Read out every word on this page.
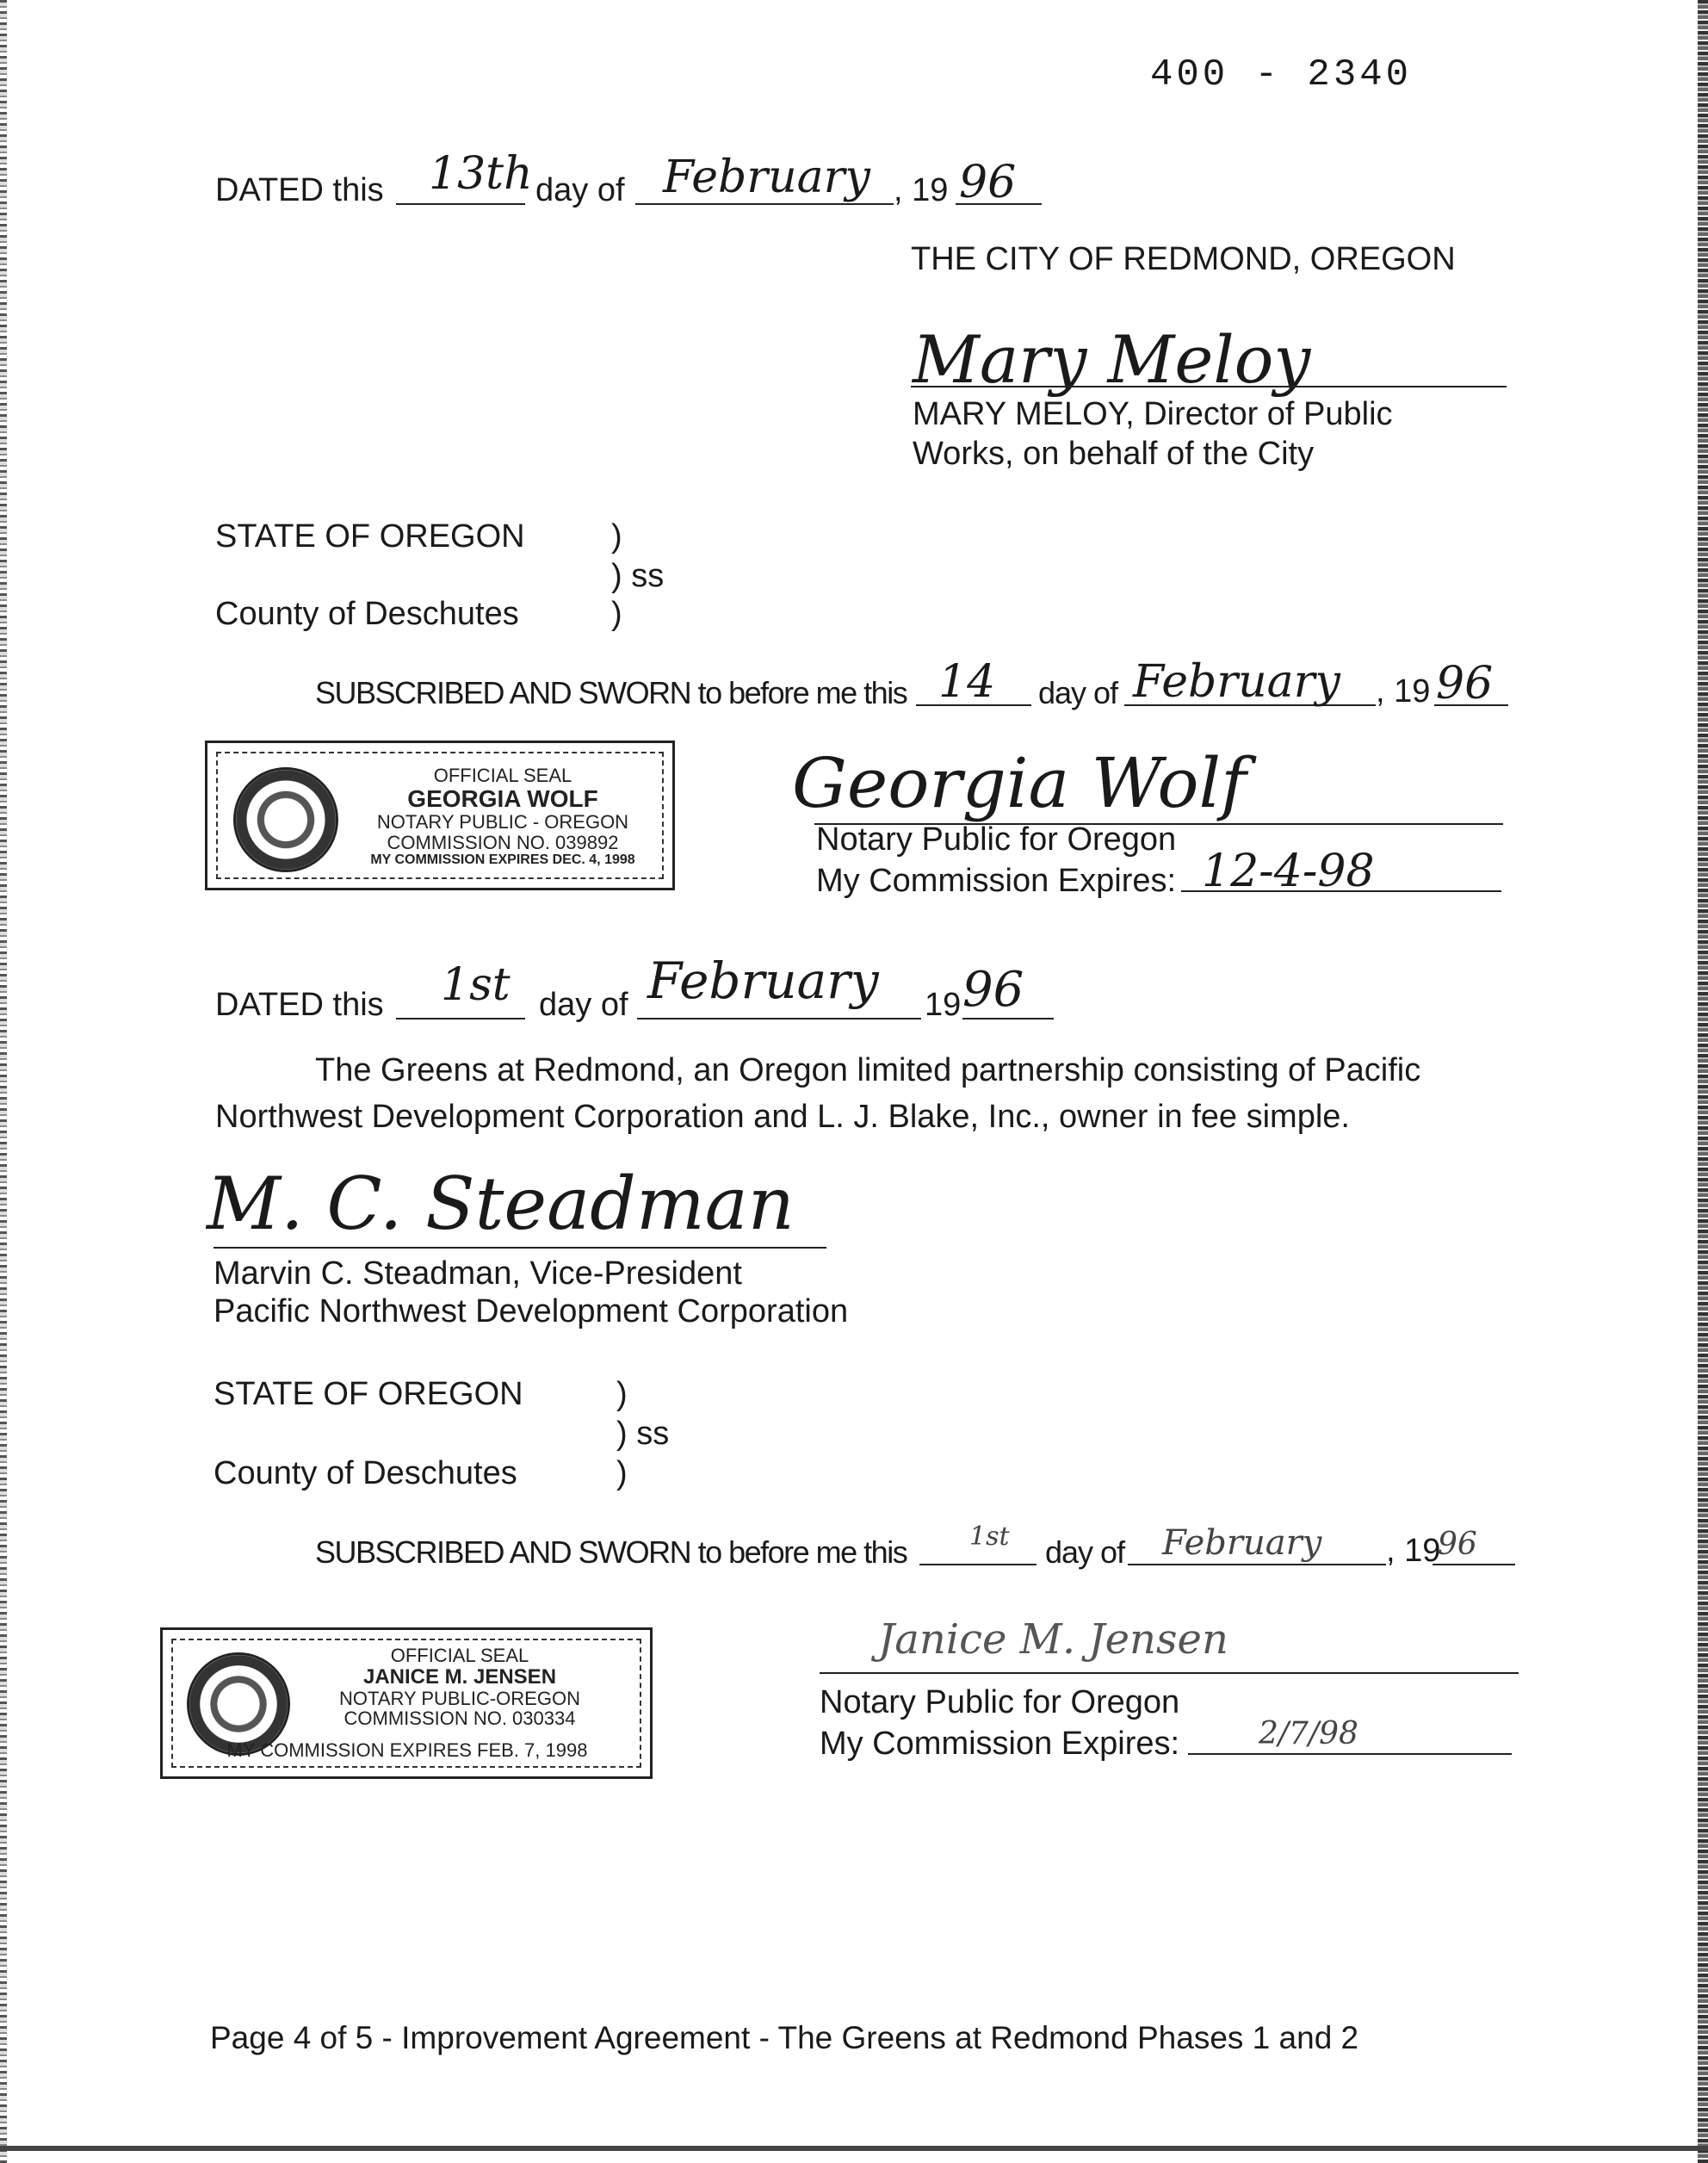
400 - 2340
DATED this 13th day of February , 19 96
THE CITY OF REDMOND, OREGON
Mary Meloy
MARY MELOY, Director of Public
Works, on behalf of the City
STATE OF OREGON	)
) ss
County of Deschutes	)
SUBSCRIBED AND SWORN to before me this 14 day of February , 19 96
OFFICIAL SEAL
GEORGIA WOLF
NOTARY PUBLIC - OREGON
COMMISSION NO. 039892
MY COMMISSION EXPIRES DEC. 4, 1998
Georgia Wolf
Notary Public for Oregon
My Commission Expires: 12-4-98
DATED this 1st day of February 19 96
The Greens at Redmond, an Oregon limited partnership consisting of Pacific
Northwest Development Corporation and L. J. Blake, Inc., owner in fee simple.
M. C. Steadman
Marvin C. Steadman, Vice-President
Pacific Northwest Development Corporation
STATE OF OREGON	)
) ss
County of Deschutes	)
SUBSCRIBED AND SWORN to before me this 1st day of February , 19
96
OFFICIAL SEAL
JANICE M. JENSEN
NOTARY PUBLIC-OREGON
COMMISSION NO. 030334
MY COMMISSION EXPIRES FEB. 7, 1998
Janice M. Jensen
Notary Public for Oregon
My Commission Expires:	2/7/98
Page 4 of 5 - Improvement Agreement - The Greens at Redmond Phases 1 and 2
